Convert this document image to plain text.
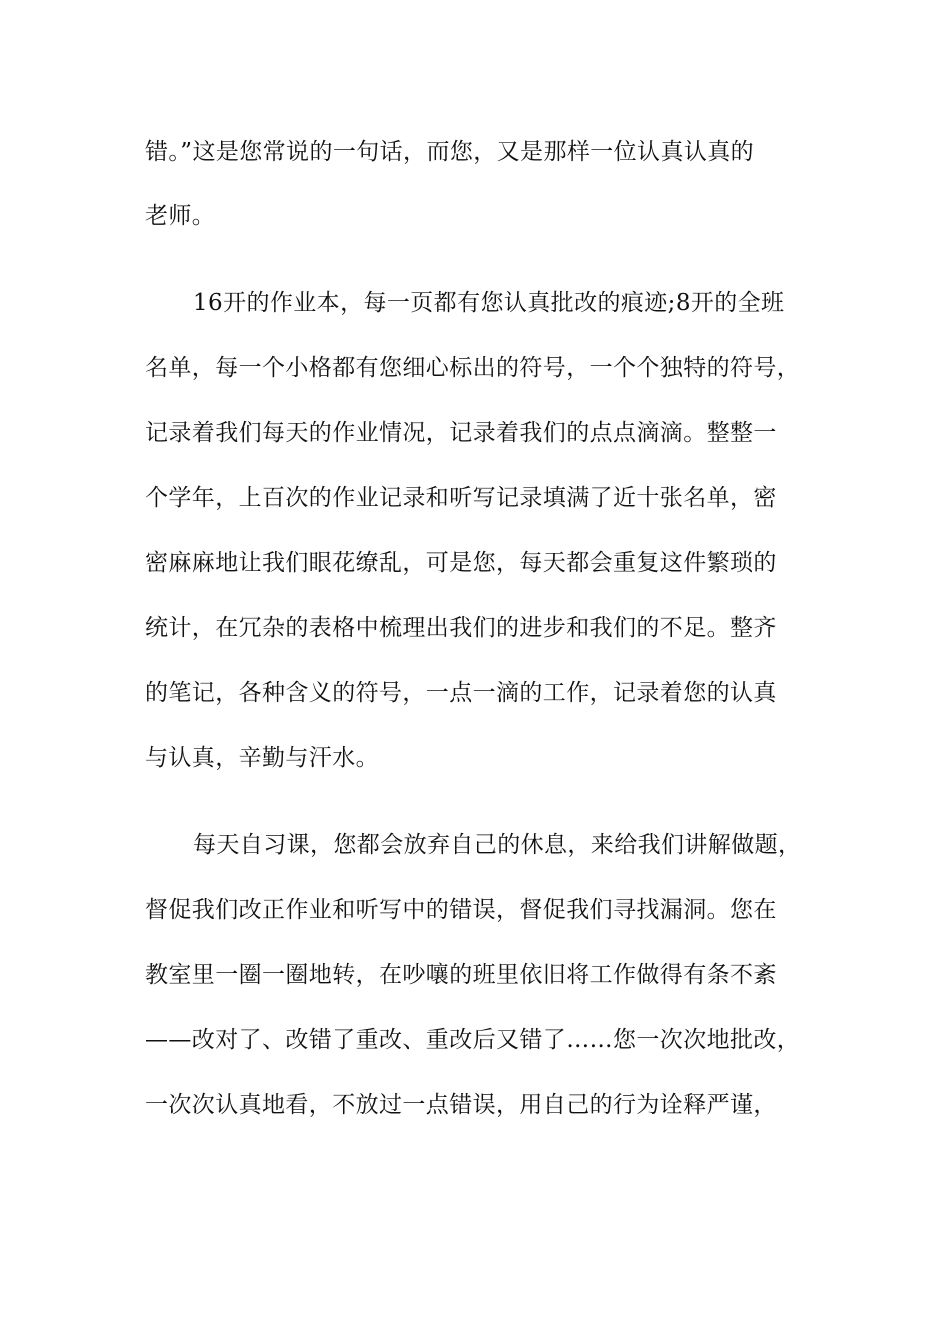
错。”这是您常说的一句话，而您，又是那样一位认真认真的
老师。
16开的作业本，每一页都有您认真批改的痕迹;8开的全班
名单，每一个小格都有您细心标出的符号，一个个独特的符号，
记录着我们每天的作业情况，记录着我们的点点滴滴。整整一
个学年，上百次的作业记录和听写记录填满了近十张名单，密
密麻麻地让我们眼花缭乱，可是您，每天都会重复这件繁琐的
统计，在冗杂的表格中梳理出我们的进步和我们的不足。整齐
的笔记，各种含义的符号，一点一滴的工作，记录着您的认真
与认真，辛勤与汗水。
每天自习课，您都会放弃自己的休息，来给我们讲解做题，
督促我们改正作业和听写中的错误，督促我们寻找漏洞。您在
教室里一圈一圈地转，在吵嚷的班里依旧将工作做得有条不紊
——改对了、改错了重改、重改后又错了……您一次次地批改，
一次次认真地看，不放过一点错误，用自己的行为诠释严谨，
